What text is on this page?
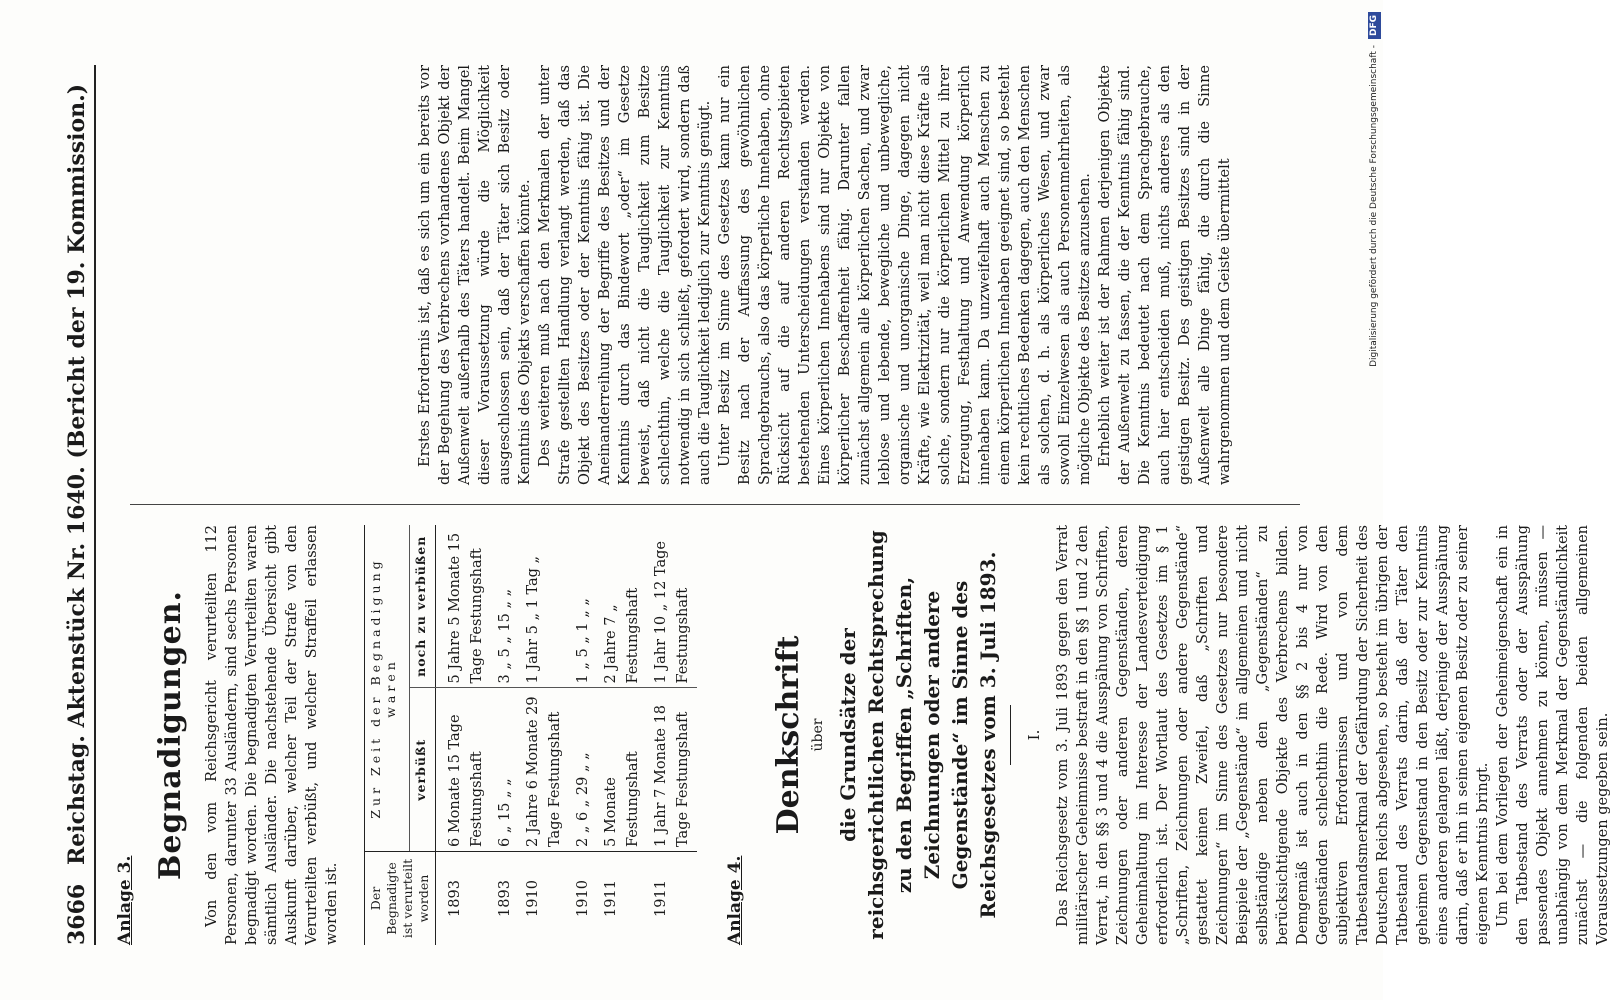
3666
Reichstag. Aktenstück Nr. 1640. (Bericht der 19. Kommission.)
Anlage 3.
Begnadigungen. Von den vom Reichsgericht verurteilten 112 Personen, darunter 33 Ausländern, sind sechs Personen begnadigt worden. Die begnadigten Verurteilten waren sämtlich Ausländer. Die nachstehende Übersicht gibt Auskunft darüber, welcher Teil der Strafe von den Verurteilten verbüßt, und welcher Straffeil erlassen worden ist. Der Begnadigte ist verurteilt worden	Zur Zeit der Begnadigung waren	
	verbüßt	noch zu verbüßen
1893	6 Monate 15 Tage Festungshaft	5 Jahre 5 Monate 15 Tage Festungshaft
1893	6 „ 15 „ „	3 „ 5 „ 15 „ „
1910	2 Jahre 6 Monate 29 Tage Festungshaft	1 Jahr 5 „ 1 Tag „
1910	2 „ 6 „ 29 „ „	1 „ 5 „ 1 „ „
1911	5 Monate Festungshaft	2 Jahre 7 „ Festungshaft
1911	1 Jahr 7 Monate 18 Tage Festungshaft	1 Jahr 10 „ 12 Tage Festungshaft
Anlage 4.
Denkschrift über die Grundsätze der reichsgerichtlichen Rechtsprechung zu den Begriffen „Schriften, Zeichnungen oder andere Gegenstände“ im Sinne des Reichsgesetzes vom 3. Juli 1893. I. Das Reichsgesetz vom 3. Juli 1893 gegen den Verrat militärischer Geheimnisse bestraft in den §§ 1 und 2 den Verrat, in den §§ 3 und 4 die Ausspähung von Schriften, Zeichnungen oder anderen Gegenständen, deren Geheimhaltung im Interesse der Landesverteidigung erforderlich ist. Der Wortlaut des Gesetzes im § 1 „Schriften, Zeichnungen oder andere Gegenstände“ gestattet keinen Zweifel, daß „Schriften und Zeichnungen“ im Sinne des Gesetzes nur besondere Beispiele der „Gegenstände“ im allgemeinen und nicht selbständige neben den „Gegenständen“ zu berücksichtigende Objekte des Verbrechens bilden. Demgemäß ist auch in den §§ 2 bis 4 nur von Gegenständen schlechthin die Rede. Wird von den subjektiven Erfordernissen und von dem Tatbestandsmerkmal der Gefährdung der Sicherheit des Deutschen Reichs abgesehen, so besteht im übrigen der Tatbestand des Verrats darin, daß der Täter den geheimen Gegenstand in den Besitz oder zur Kenntnis eines anderen gelangen läßt, derjenige der Ausspähung darin, daß er ihn in seinen eigenen Besitz oder zu seiner eigenen Kenntnis bringt. Um bei dem Vorliegen der Geheimeigenschaft ein in den Tatbestand des Verrats oder der Ausspähung passendes Objekt annehmen zu können, müssen — unabhängig von dem Merkmal der Gegenständlichkeit zunächst — die folgenden beiden allgemeinen Voraussetzungen gegeben sein.

Erstes Erfordernis ist, daß es sich um ein bereits vor der Begehung des Verbrechens vorhandenes Objekt der Außenwelt außerhalb des Täters handelt. Beim Mangel dieser Voraussetzung würde die Möglichkeit ausgeschlossen sein, daß der Täter sich Besitz oder Kenntnis des Objekts verschaffen könnte. Des weiteren muß nach den Merkmalen der unter Strafe gestellten Handlung verlangt werden, daß das Objekt des Besitzes oder der Kenntnis fähig ist. Die Aneinanderreihung der Begriffe des Besitzes und der Kenntnis durch das Bindewort „oder“ im Gesetze beweist, daß nicht die Tauglichkeit zum Besitze schlechthin, welche die Tauglichkeit zur Kenntnis notwendig in sich schließt, gefordert wird, sondern daß auch die Tauglichkeit lediglich zur Kenntnis genügt. Unter Besitz im Sinne des Gesetzes kann nur ein Besitz nach der Auffassung des gewöhnlichen Sprachgebrauchs, also das körperliche Innehaben, ohne Rücksicht auf die auf anderen Rechtsgebieten bestehenden Unterscheidungen verstanden werden. Eines körperlichen Innehabens sind nur Objekte von körperlicher Beschaffenheit fähig. Darunter fallen zunächst allgemein alle körperlichen Sachen, und zwar leblose und lebende, bewegliche und unbewegliche, organische und unorganische Dinge, dagegen nicht Kräfte, wie Elektrizität, weil man nicht diese Kräfte als solche, sondern nur die körperlichen Mittel zu ihrer Erzeugung, Festhaltung und Anwendung körperlich innehaben kann. Da unzweifelhaft auch Menschen zu einem körperlichen Innehaben geeignet sind, so besteht kein rechtliches Bedenken dagegen, auch den Menschen als solchen, d. h. als körperliches Wesen, und zwar sowohl Einzelwesen als auch Personenmehrheiten, als mögliche Objekte des Besitzes anzusehen. Erheblich weiter ist der Rahmen derjenigen Objekte der Außenwelt zu fassen, die der Kenntnis fähig sind. Die Kenntnis bedeutet nach dem Sprachgebrauche, auch hier entscheiden muß, nichts anderes als den geistigen Besitz. Des geistigen Besitzes sind in der Außenwelt alle Dinge fähig, die durch die Sinne wahrgenommen und dem Geiste übermittelt	Digitalisierung gefördert durch die Deutsche Forschungsgemeinschaft -
DFG
